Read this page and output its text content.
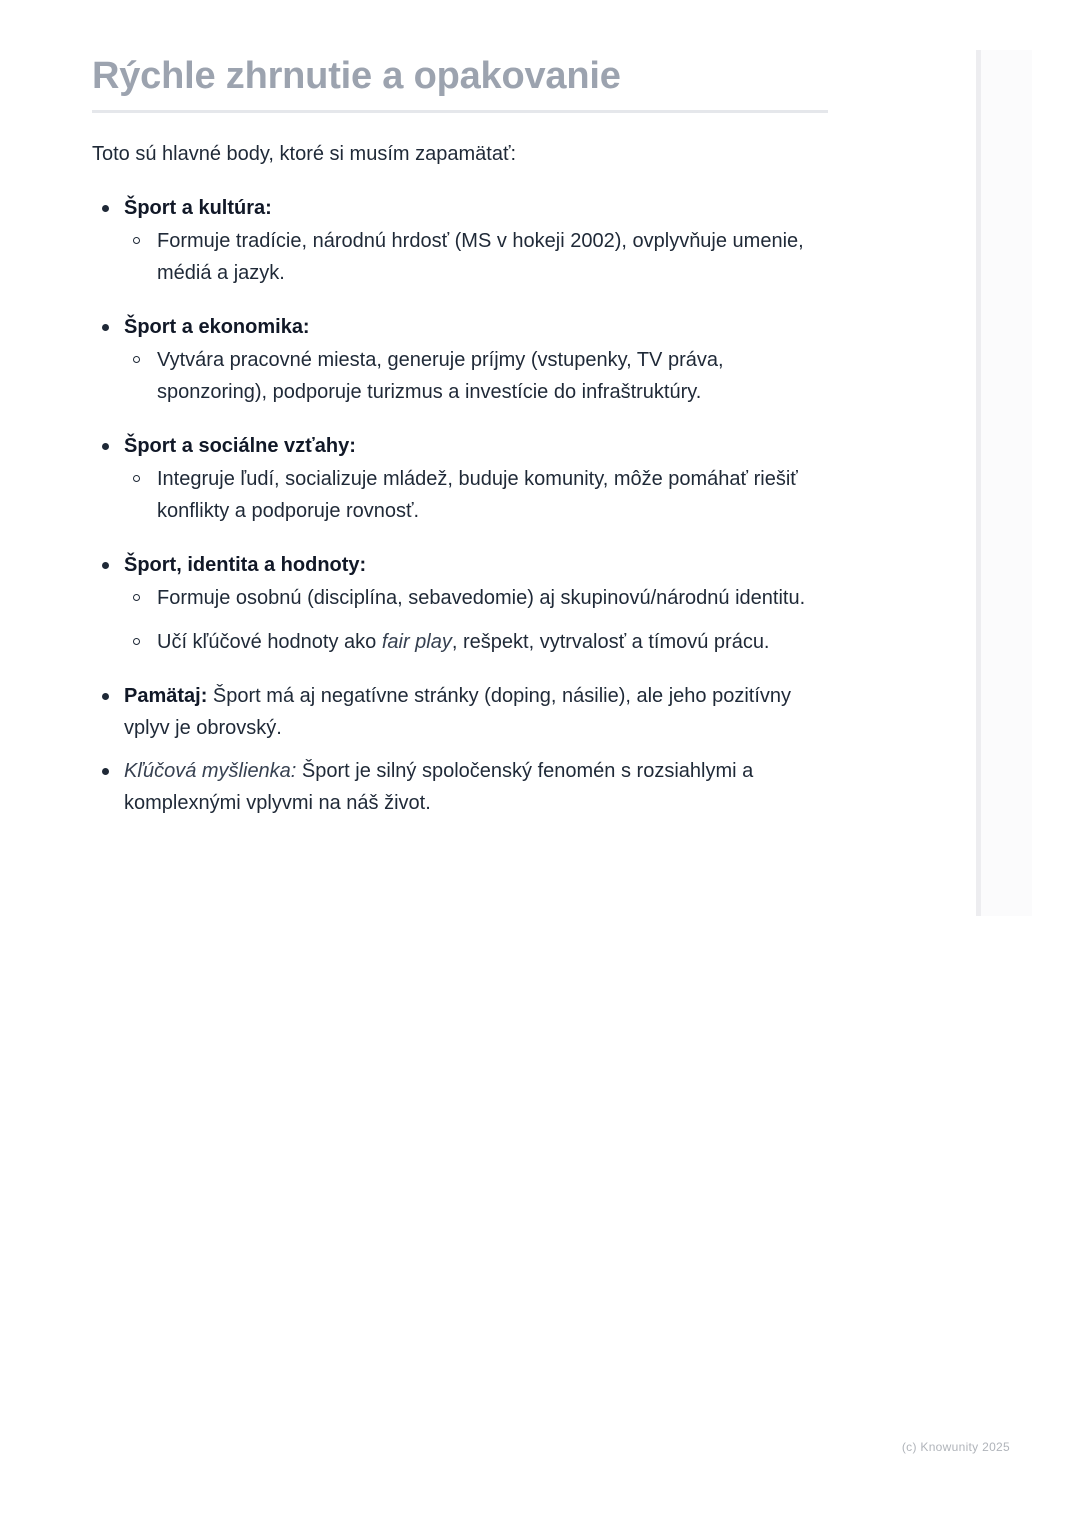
Rýchle zhrnutie a opakovanie

Toto sú hlavné body, ktoré si musím zapamätať:

Šport a kultúra:
Formuje tradície, národnú hrdosť (MS v hokeji 2002), ovplyvňuje umenie, médiá a jazyk.
Šport a ekonomika:
Vytvára pracovné miesta, generuje príjmy (vstupenky, TV práva, sponzoring), podporuje turizmus a investície do infraštruktúry.
Šport a sociálne vzťahy:
Integruje ľudí, socializuje mládež, buduje komunity, môže pomáhať riešiť konflikty a podporuje rovnosť.
Šport, identita a hodnoty:
Formuje osobnú (disciplína, sebavedomie) aj skupinovú/národnú identitu.
Učí kľúčové hodnoty ako fair play, rešpekt, vytrvalosť a tímovú prácu.
Pamätaj: Šport má aj negatívne stránky (doping, násilie), ale jeho pozitívny vplyv je obrovský.
Kľúčová myšlienka: Šport je silný spoločenský fenomén s rozsiahlymi a komplexnými vplyvmi na náš život.
(c) Knowunity 2025
